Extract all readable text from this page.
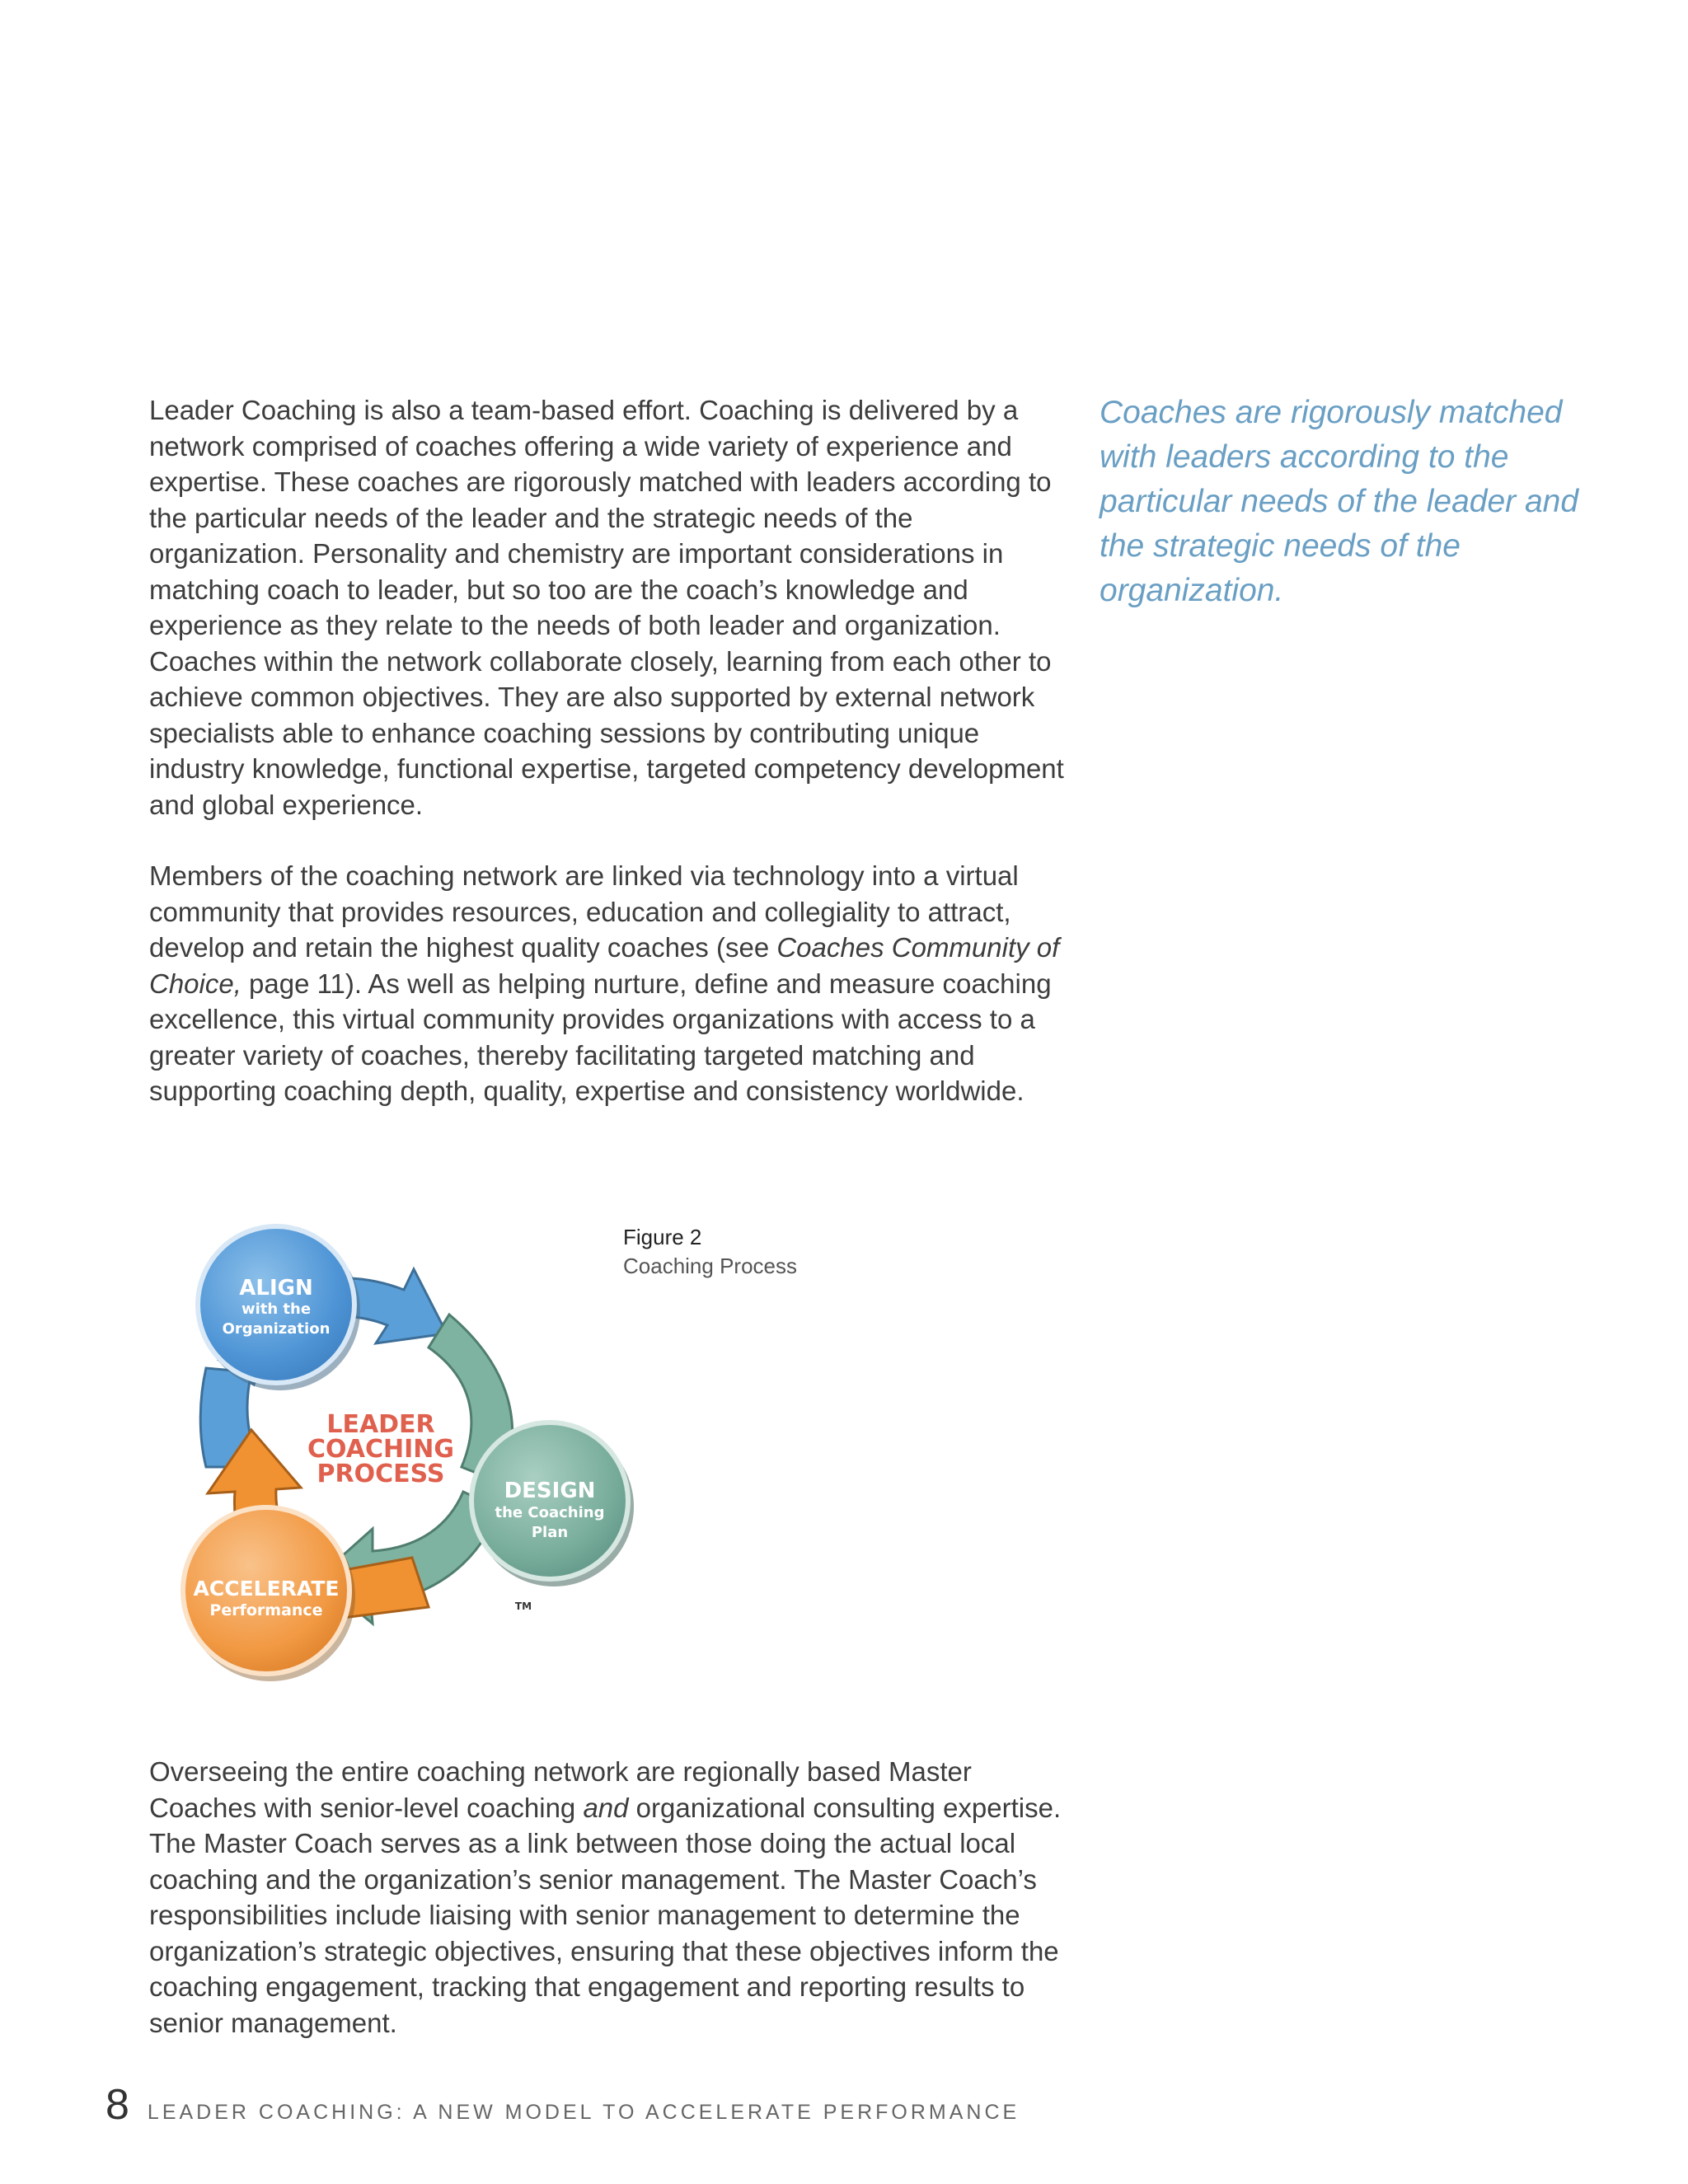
Leader Coaching is also a team-based effort. Coaching is delivered by a network comprised of coaches offering a wide variety of experience and expertise. These coaches are rigorously matched with leaders according to the particular needs of the leader and the strategic needs of the organization. Personality and chemistry are important considerations in matching coach to leader, but so too are the coach’s knowledge and experience as they relate to the needs of both leader and organization. Coaches within the network collaborate closely, learning from each other to achieve common objectives. They are also supported by external network specialists able to enhance coaching sessions by contributing unique industry knowledge, functional expertise, targeted competency development and global experience.

Members of the coaching network are linked via technology into a virtual community that provides resources, education and collegiality to attract, develop and retain the highest quality coaches (see Coaches Community of Choice, page 11). As well as helping nurture, define and measure coaching excellence, this virtual community provides organizations with access to a greater variety of coaches, thereby facilitating targeted matching and supporting coaching depth, quality, expertise and consistency worldwide.

Coaches are rigorously matched with leaders according to the particular needs of the leader and the strategic needs of the organization.

ALIGN
with the
Organization
DESIGN
the Coaching
Plan
ACCELERATE
Performance
LEADER
COACHING
PROCESS
TM
Figure 2
Coaching Process

Overseeing the entire coaching network are regionally based Master Coaches with senior-level coaching and organizational consulting expertise. The Master Coach serves as a link between those doing the actual local coaching and the organization’s senior management. The Master Coach’s responsibilities include liaising with senior management to determine the organization’s strategic objectives, ensuring that these objectives inform the coaching engagement, tracking that engagement and reporting results to senior management.

8 LEADER COACHING: A NEW MODEL TO ACCELERATE PERFORMANCE
